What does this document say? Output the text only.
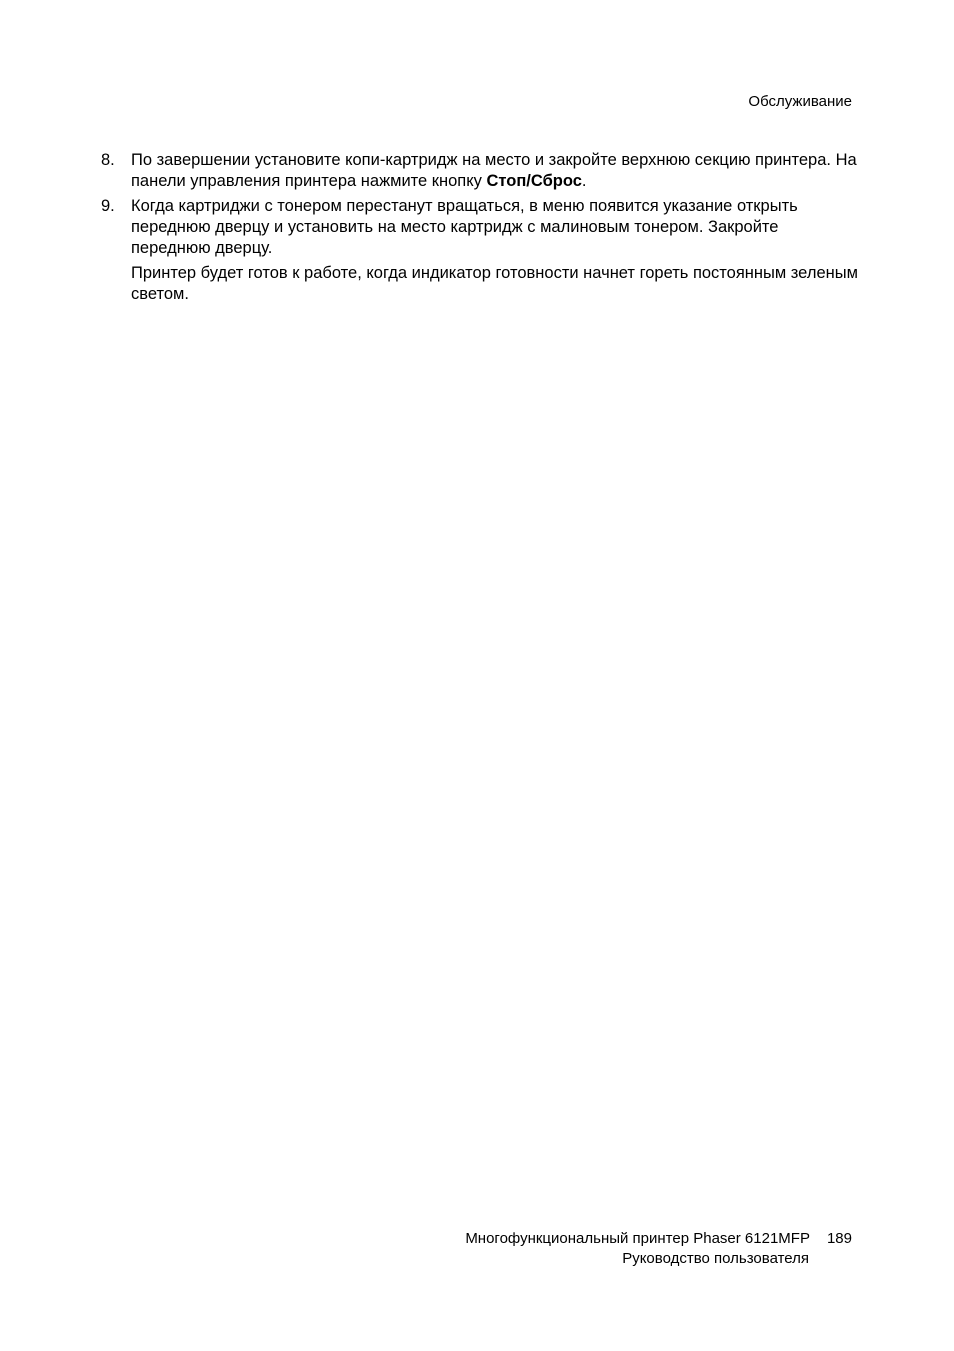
Обслуживание
8. По завершении установите копи-картридж на место и закройте верхнюю секцию принтера. На панели управления принтера нажмите кнопку Стоп/Сброс.
9. Когда картриджи с тонером перестанут вращаться, в меню появится указание открыть переднюю дверцу и установить на место картридж с малиновым тонером. Закройте переднюю дверцу.
Принтер будет готов к работе, когда индикатор готовности начнет гореть постоянным зеленым светом.
Многофункциональный принтер Phaser 6121MFP 189
Руководство пользователя
